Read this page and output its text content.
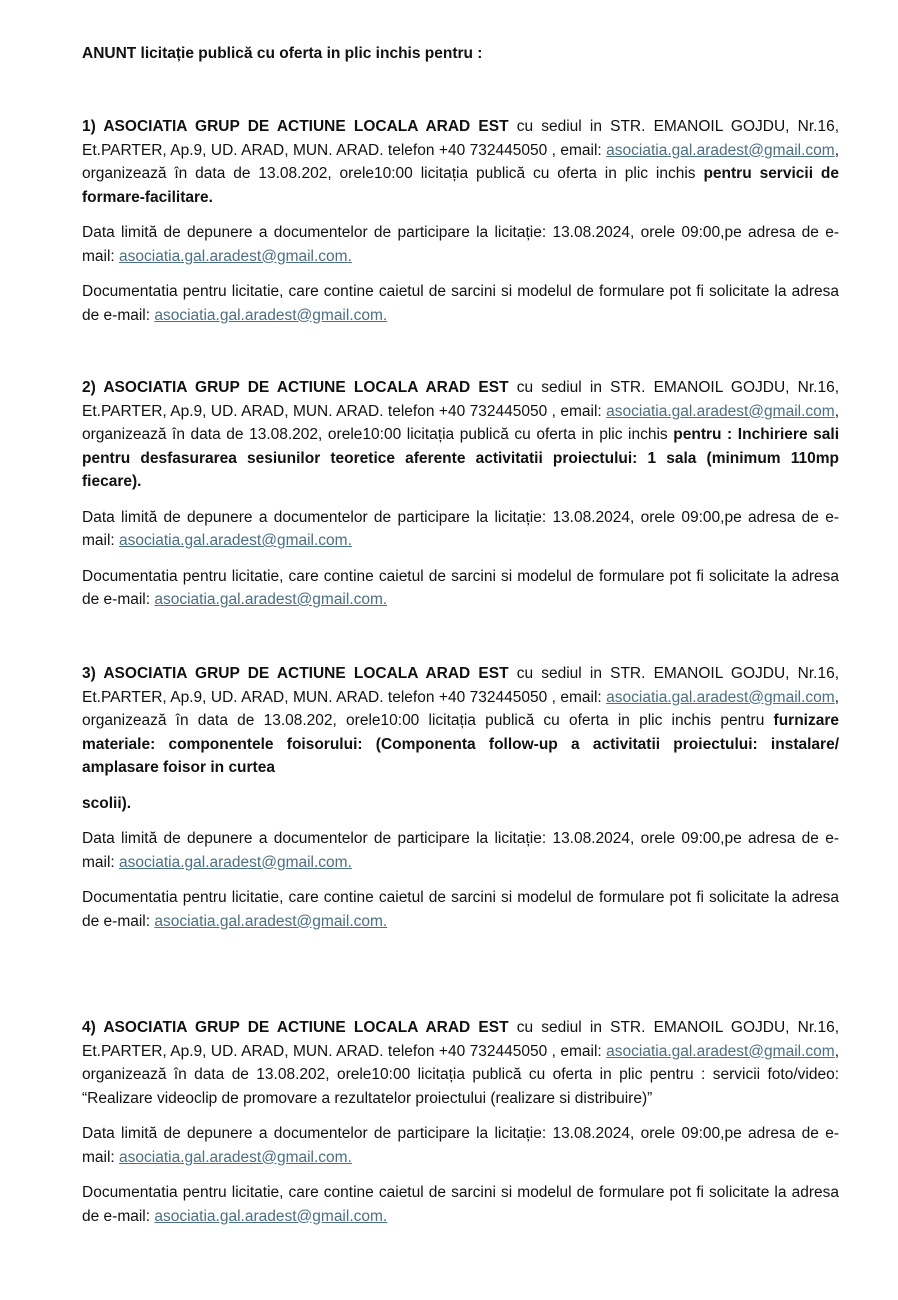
ANUNT licitație publică cu oferta in plic inchis pentru :

1) ASOCIATIA GRUP DE ACTIUNE LOCALA ARAD EST cu sediul in STR. EMANOIL GOJDU, Nr.16, Et.PARTER, Ap.9, UD. ARAD, MUN. ARAD. telefon +40 732445050 , email: asociatia.gal.aradest@gmail.com, organizează în data de 13.08.202, orele10:00 licitația publică cu oferta in plic inchis pentru servicii de formare-facilitare.

Data limită de depunere a documentelor de participare la licitație: 13.08.2024, orele 09:00,pe adresa de e-mail: asociatia.gal.aradest@gmail.com.

Documentatia pentru licitatie, care contine caietul de sarcini si modelul de formulare pot fi solicitate la adresa de e-mail: asociatia.gal.aradest@gmail.com.

2) ASOCIATIA GRUP DE ACTIUNE LOCALA ARAD EST cu sediul in STR. EMANOIL GOJDU, Nr.16, Et.PARTER, Ap.9, UD. ARAD, MUN. ARAD. telefon +40 732445050 , email: asociatia.gal.aradest@gmail.com, organizează în data de 13.08.202, orele10:00 licitația publică cu oferta in plic inchis pentru : Inchiriere sali pentru desfasurarea sesiunilor teoretice aferente activitatii proiectului: 1 sala (minimum 110mp fiecare).

Data limită de depunere a documentelor de participare la licitație: 13.08.2024, orele 09:00,pe adresa de e-mail: asociatia.gal.aradest@gmail.com.

Documentatia pentru licitatie, care contine caietul de sarcini si modelul de formulare pot fi solicitate la adresa de e-mail: asociatia.gal.aradest@gmail.com.

3) ASOCIATIA GRUP DE ACTIUNE LOCALA ARAD EST cu sediul in STR. EMANOIL GOJDU, Nr.16, Et.PARTER, Ap.9, UD. ARAD, MUN. ARAD. telefon +40 732445050 , email: asociatia.gal.aradest@gmail.com, organizează în data de 13.08.202, orele10:00 licitația publică cu oferta in plic inchis pentru furnizare materiale: componentele foisorului: (Componenta follow-up a activitatii proiectului: instalare/ amplasare foisor in curtea

scolii).

Data limită de depunere a documentelor de participare la licitație: 13.08.2024, orele 09:00,pe adresa de e-mail: asociatia.gal.aradest@gmail.com.

Documentatia pentru licitatie, care contine caietul de sarcini si modelul de formulare pot fi solicitate la adresa de e-mail: asociatia.gal.aradest@gmail.com.

4) ASOCIATIA GRUP DE ACTIUNE LOCALA ARAD EST cu sediul in STR. EMANOIL GOJDU, Nr.16, Et.PARTER, Ap.9, UD. ARAD, MUN. ARAD. telefon +40 732445050 , email: asociatia.gal.aradest@gmail.com, organizează în data de 13.08.202, orele10:00 licitația publică cu oferta in plic pentru : servicii foto/video: “Realizare videoclip de promovare a rezultatelor proiectului (realizare si distribuire)”

Data limită de depunere a documentelor de participare la licitație: 13.08.2024, orele 09:00,pe adresa de e-mail: asociatia.gal.aradest@gmail.com.

Documentatia pentru licitatie, care contine caietul de sarcini si modelul de formulare pot fi solicitate la adresa de e-mail: asociatia.gal.aradest@gmail.com.
